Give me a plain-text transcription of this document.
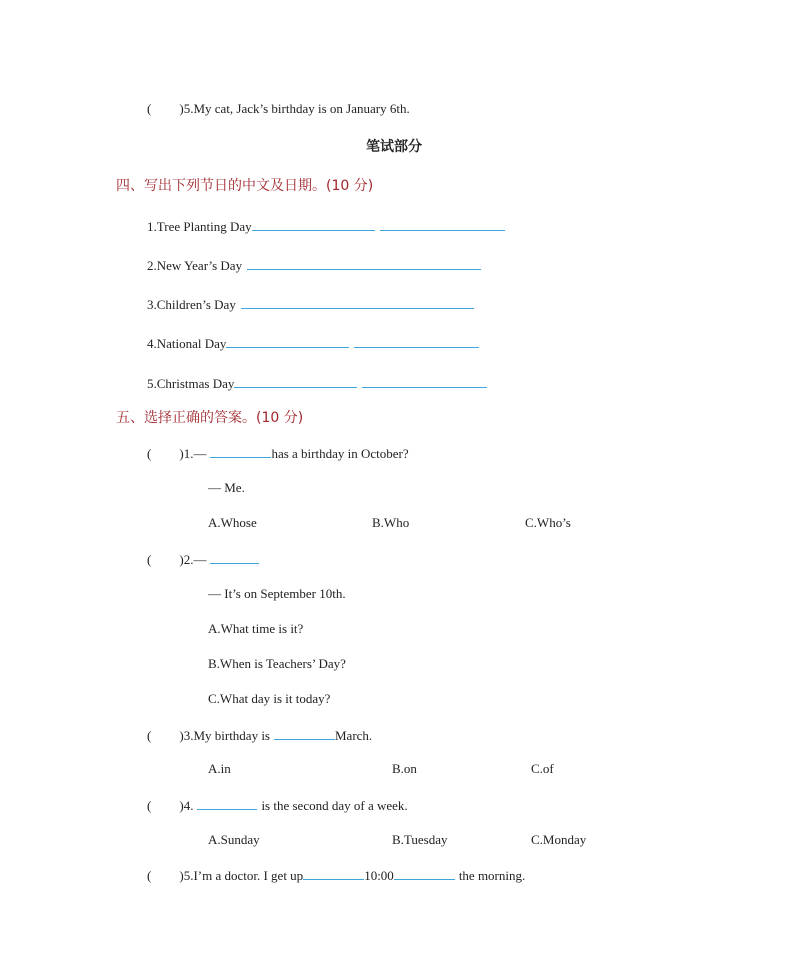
( )5.My cat, Jack’s birthday is on January 6th.
笔试部分
四、写出下列节日的中文及日期。(10 分)
1.Tree Planting Day
2.New Year’s Day
3.Children’s Day
4.National Day
5.Christmas Day
五、选择正确的答案。(10 分)
( )1.—	has a birthday in October?
— Me.
A.Whose	B.Who	C.Who’s
( )2.—
— It’s on September 10th.
A.What time is it?
B.When is Teachers’ Day?
C.What day is it today?
( )3.My birthday is	March.
A.in	B.on	C.of
( )4.	is the second day of a week.
A.Sunday	B.Tuesday	C.Monday
( )5.I’m a doctor. I get up	10:00	the morning.
